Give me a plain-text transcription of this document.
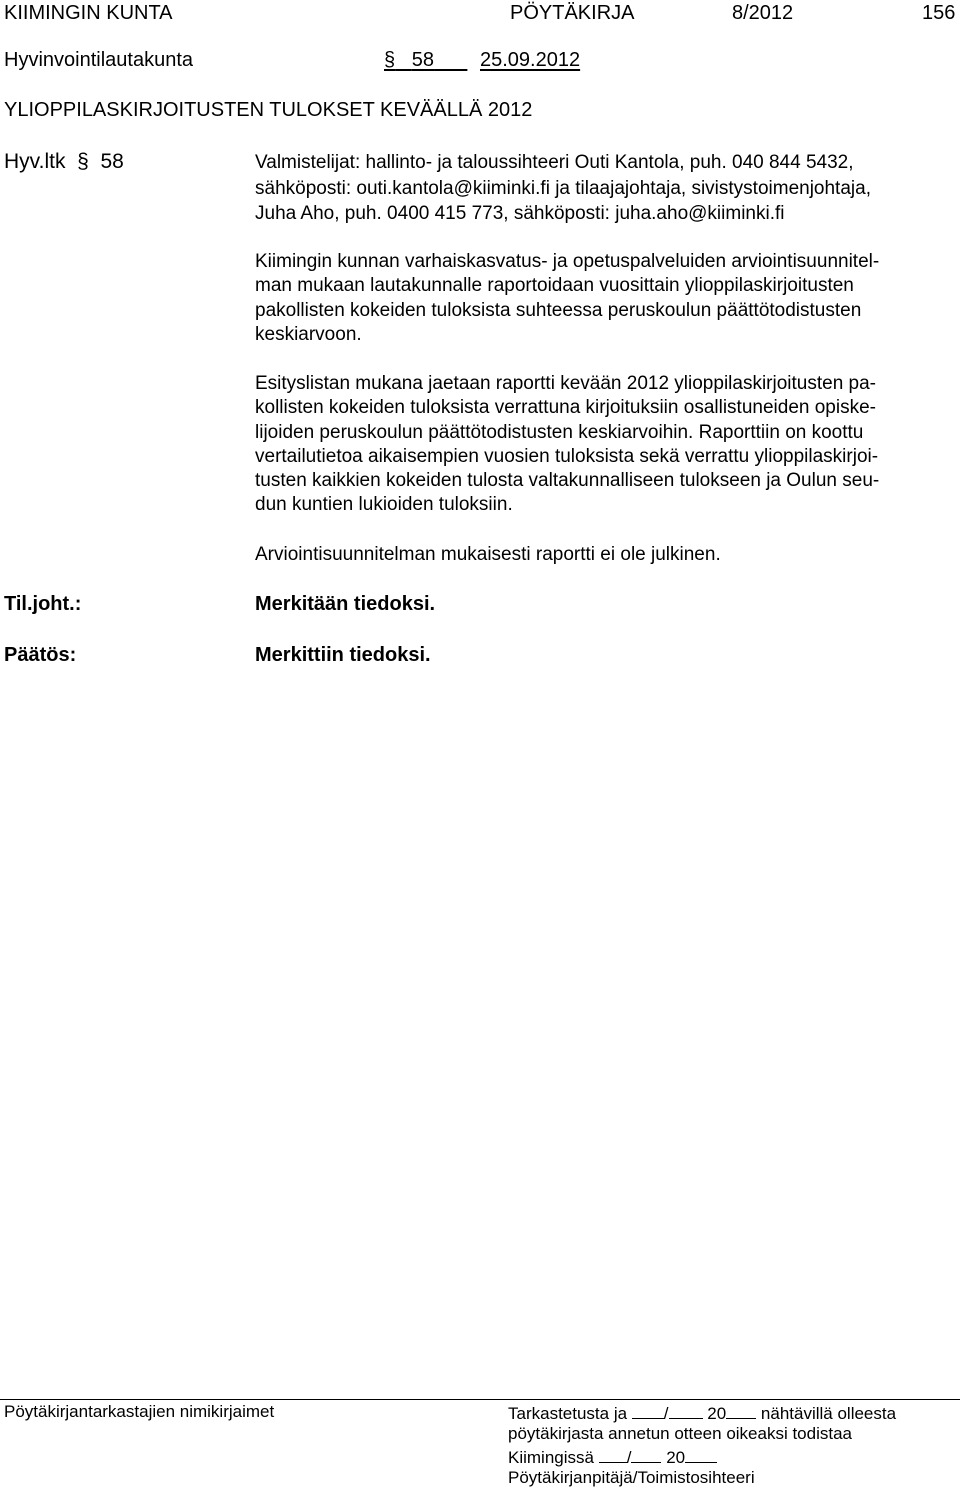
KIIMINGIN KUNTA	PÖYTÄKIRJA	8/2012	156
Hyvinvointilautakunta	§ 58	25.09.2012
YLIOPPILASKIRJOITUSTEN TULOKSET KEVÄÄLLÄ 2012
Hyv.ltk § 58	Valmistelijat: hallinto- ja taloussihteeri Outi Kantola, puh. 040 844 5432,
sähköposti: outi.kantola@kiiminki.fi ja tilaajajohtaja, sivistystoimenjohtaja,
Juha Aho, puh. 0400 415 773, sähköposti: juha.aho@kiiminki.fi
Kiimingin kunnan varhaiskasvatus- ja opetuspalveluiden arviointisuunnitel-
man mukaan lautakunnalle raportoidaan vuosittain ylioppilaskirjoitusten
pakollisten kokeiden tuloksista suhteessa peruskoulun päättötodistusten
keskiarvoon.
Esityslistan mukana jaetaan raportti kevään 2012 ylioppilaskirjoitusten pa-
kollisten kokeiden tuloksista verrattuna kirjoituksiin osallistuneiden opiske-
lijoiden peruskoulun päättötodistusten keskiarvoihin. Raporttiin on koottu
vertailutietoa aikaisempien vuosien tuloksista sekä verrattu ylioppilaskirjoi-
tusten kaikkien kokeiden tulosta valtakunnalliseen tulokseen ja Oulun seu-
dun kuntien lukioiden tuloksiin.
Arviointisuunnitelman mukaisesti raportti ei ole julkinen.
Til.joht.:	Merkitään tiedoksi.
Päätös:	Merkittiin tiedoksi.
Pöytäkirjantarkastajien nimikirjaimet	Tarkastetusta ja / 20 nähtävillä olleesta
pöytäkirjasta annetun otteen oikeaksi todistaa
Kiimingissä / 20
Pöytäkirjanpitäjä/Toimistosihteeri
